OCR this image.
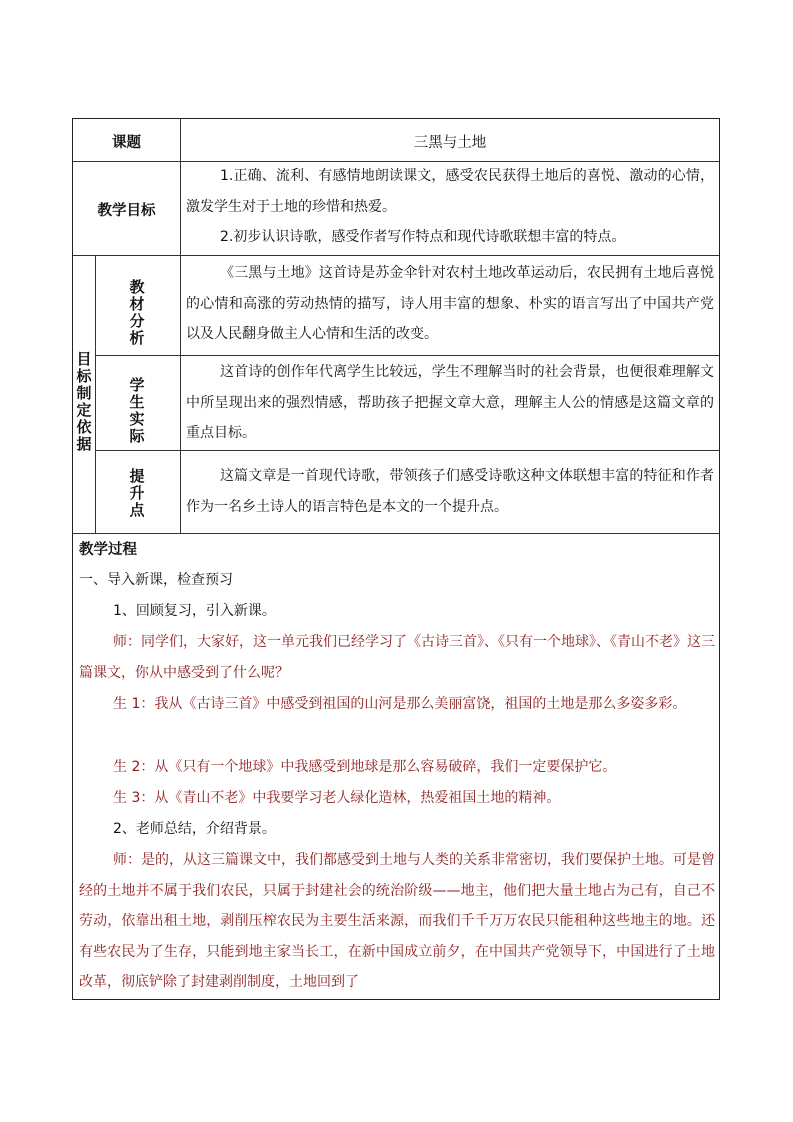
课题	三黑与土地
教学目标
1.正确、流利、有感情地朗读课文，感受农民获得土地后的喜悦、激动的心情，激发学生对于土地的珍惜和热爱。
2.初步认识诗歌，感受作者写作特点和现代诗歌联想丰富的特点。
目标制定依据
教材分析
学生实际
提升点
《三黑与土地》这首诗是苏金伞针对农村土地改革运动后，农民拥有土地后喜悦的心情和高涨的劳动热情的描写，诗人用丰富的想象、朴实的语言写出了中国共产党以及人民翻身做主人心情和生活的改变。
这首诗的创作年代离学生比较远，学生不理解当时的社会背景，也便很难理解文中所呈现出来的强烈情感，帮助孩子把握文章大意，理解主人公的情感是这篇文章的重点目标。
这篇文章是一首现代诗歌，带领孩子们感受诗歌这种文体联想丰富的特征和作者作为一名乡土诗人的语言特色是本文的一个提升点。
教学过程
一、导入新课，检查预习
1、回顾复习，引入新课。
师：同学们，大家好，这一单元我们已经学习了《古诗三首》、《只有一个地球》、《青山不老》这三篇课文，你从中感受到了什么呢？
生 1：我从《古诗三首》中感受到祖国的山河是那么美丽富饶，祖国的土地是那么多姿多彩。
生 2：从《只有一个地球》中我感受到地球是那么容易破碎，我们一定要保护它。
生 3：从《青山不老》中我要学习老人绿化造林，热爱祖国土地的精神。
2、老师总结，介绍背景。
师：是的，从这三篇课文中，我们都感受到土地与人类的关系非常密切，我们要保护土地。可是曾经的土地并不属于我们农民，只属于封建社会的统治阶级——地主，他们把大量土地占为己有，自己不劳动，依靠出租土地，剥削压榨农民为主要生活来源，而我们千千万万农民只能租种这些地主的地。还有些农民为了生存，只能到地主家当长工，在新中国成立前夕，在中国共产党领导下，中国进行了土地改革，彻底铲除了封建剥削制度，土地回到了
